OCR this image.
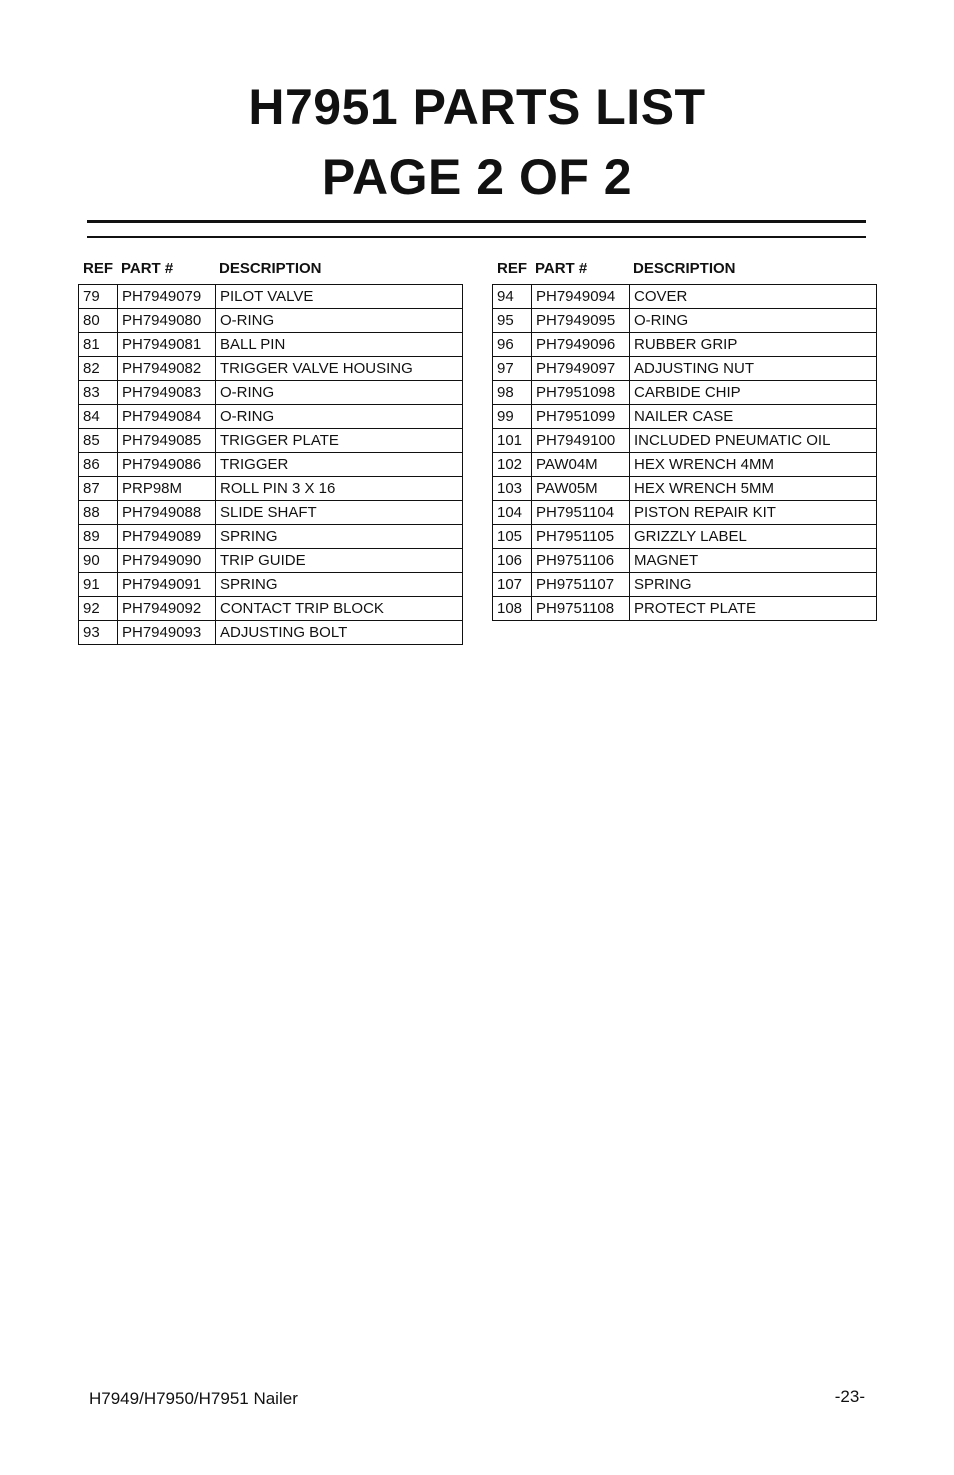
H7951 PARTS LIST
PAGE 2 OF 2
REF PART #	DESCRIPTION
79	PH7949079	PILOT VALVE
80	PH7949080	O-RING
81	PH7949081	BALL PIN
82	PH7949082	TRIGGER VALVE HOUSING
83	PH7949083	O-RING
84	PH7949084	O-RING
85	PH7949085	TRIGGER PLATE
86	PH7949086	TRIGGER
87	PRP98M	ROLL PIN 3 X 16
88	PH7949088	SLIDE SHAFT
89	PH7949089	SPRING
90	PH7949090	TRIP GUIDE
91	PH7949091	SPRING
92	PH7949092	CONTACT TRIP BLOCK
93	PH7949093	ADJUSTING BOLT
REF PART #	DESCRIPTION
94	PH7949094	COVER
95	PH7949095	O-RING
96	PH7949096	RUBBER GRIP
97	PH7949097	ADJUSTING NUT
98	PH7951098	CARBIDE CHIP
99	PH7951099	NAILER CASE
101	PH7949100	INCLUDED PNEUMATIC OIL
102	PAW04M	HEX WRENCH 4MM
103	PAW05M	HEX WRENCH 5MM
104	PH7951104	PISTON REPAIR KIT
105	PH7951105	GRIZZLY LABEL
106	PH9751106	MAGNET
107	PH9751107	SPRING
108	PH9751108	PROTECT PLATE
H7949/H7950/H7951 Nailer	-23-
